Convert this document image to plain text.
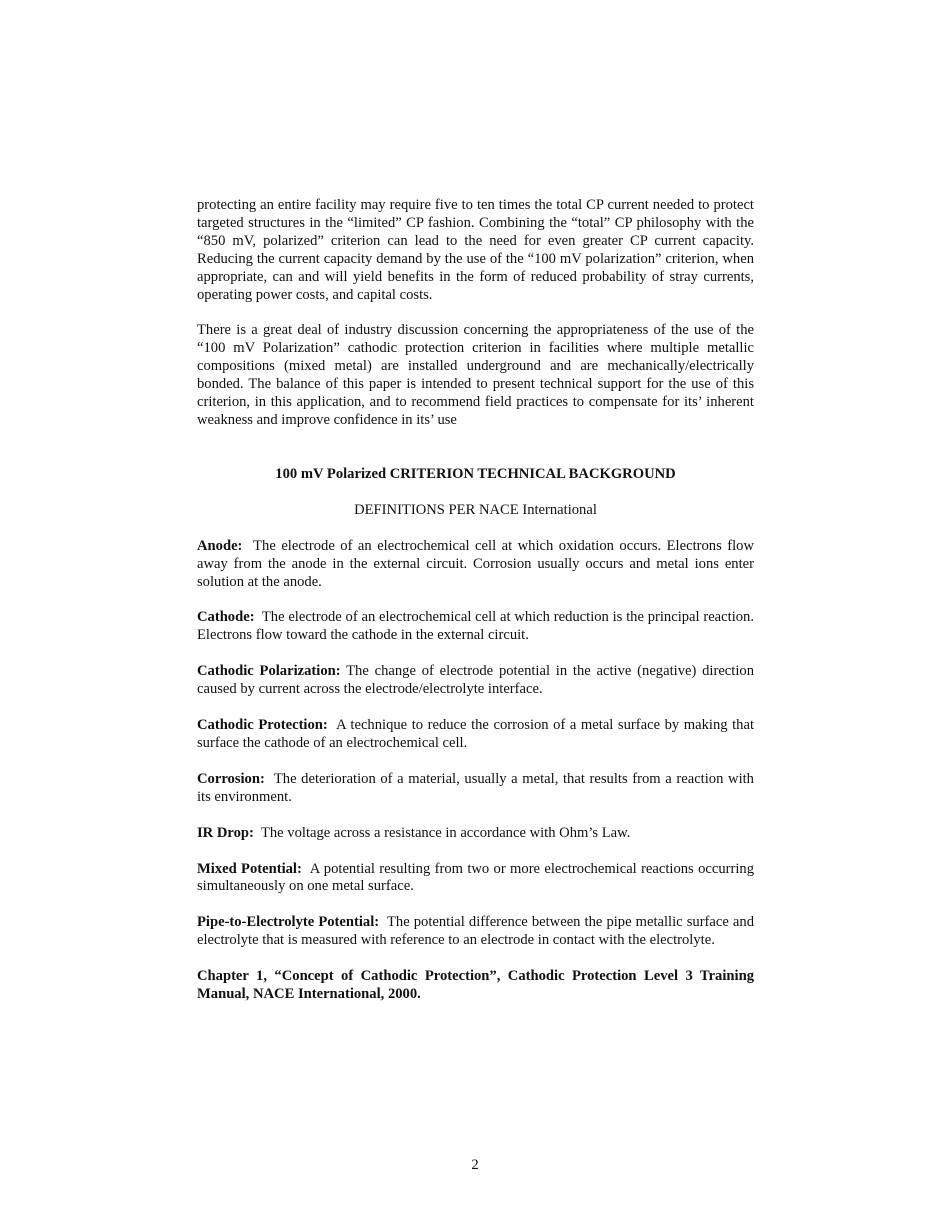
protecting an entire facility may require five to ten times the total CP current needed to protect targeted structures in the “limited” CP fashion. Combining the “total” CP philosophy with the “850 mV, polarized” criterion can lead to the need for even greater CP current capacity. Reducing the current capacity demand by the use of the “100 mV polarization” criterion, when appropriate, can and will yield benefits in the form of reduced probability of stray currents, operating power costs, and capital costs.

There is a great deal of industry discussion concerning the appropriateness of the use of the “100 mV Polarization” cathodic protection criterion in facilities where multiple metallic compositions (mixed metal) are installed underground and are mechanically/electrically bonded. The balance of this paper is intended to present technical support for the use of this criterion, in this application, and to recommend field practices to compensate for its’ inherent weakness and improve confidence in its’ use

100 mV Polarized CRITERION TECHNICAL BACKGROUND

DEFINITIONS PER NACE International

Anode: The electrode of an electrochemical cell at which oxidation occurs. Electrons flow away from the anode in the external circuit. Corrosion usually occurs and metal ions enter solution at the anode.

Cathode: The electrode of an electrochemical cell at which reduction is the principal reaction. Electrons flow toward the cathode in the external circuit.

Cathodic Polarization: The change of electrode potential in the active (negative) direction caused by current across the electrode/electrolyte interface.

Cathodic Protection: A technique to reduce the corrosion of a metal surface by making that surface the cathode of an electrochemical cell.

Corrosion: The deterioration of a material, usually a metal, that results from a reaction with its environment.

IR Drop: The voltage across a resistance in accordance with Ohm’s Law.

Mixed Potential: A potential resulting from two or more electrochemical reactions occurring simultaneously on one metal surface.

Pipe-to-Electrolyte Potential: The potential difference between the pipe metallic surface and electrolyte that is measured with reference to an electrode in contact with the electrolyte.

Chapter 1, “Concept of Cathodic Protection”, Cathodic Protection Level 3 Training Manual, NACE International, 2000.

2
